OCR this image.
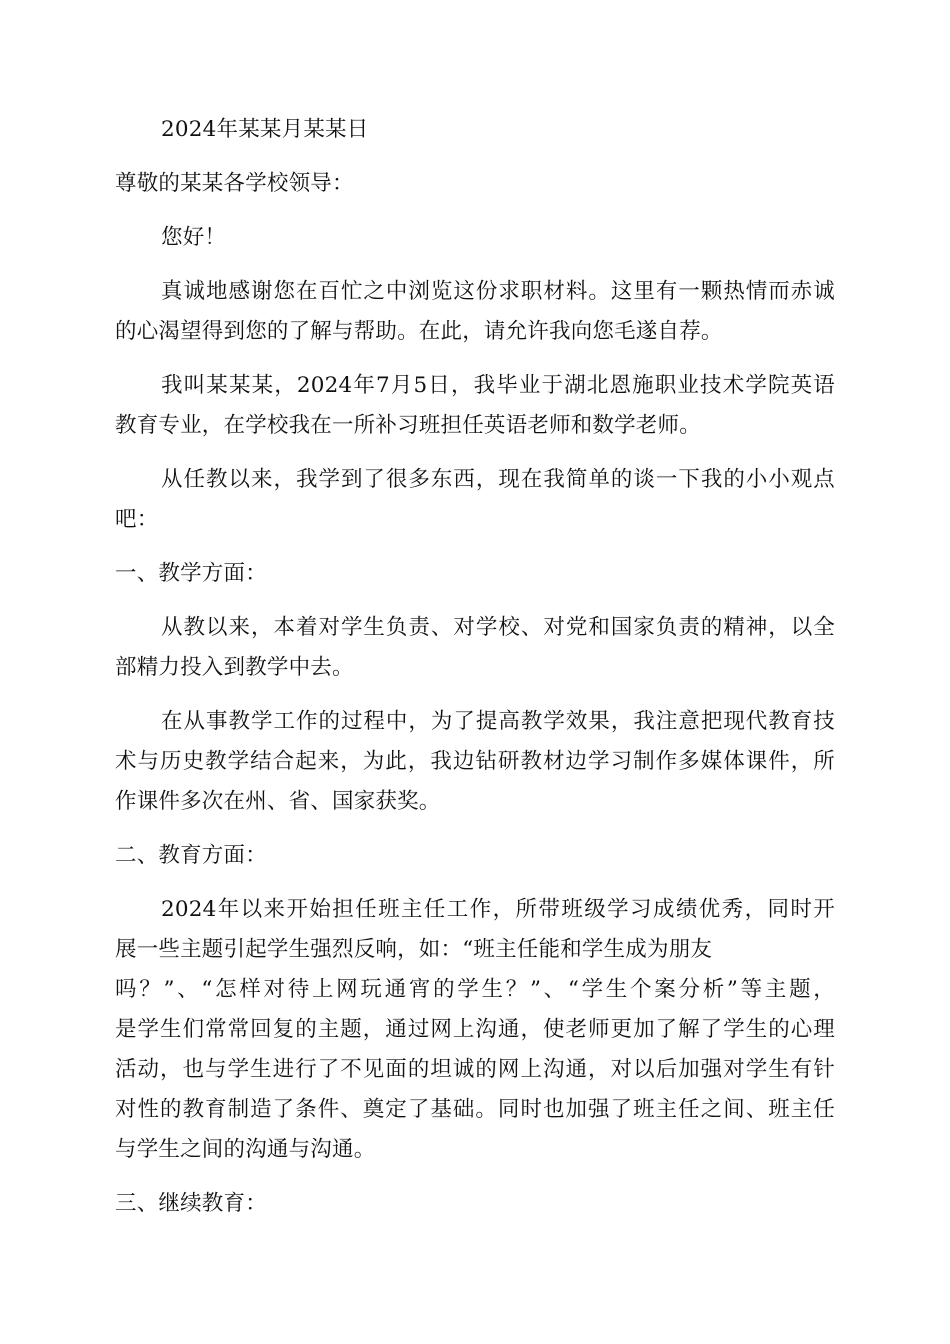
2024年某某月某某日
尊敬的某某各学校领导：
您好！
真诚地感谢您在百忙之中浏览这份求职材料。这里有一颗热情而赤诚
的心渴望得到您的了解与帮助。在此，请允许我向您毛遂自荐。
我叫某某某，2024年7月5日，我毕业于湖北恩施职业技术学院英语
教育专业，在学校我在一所补习班担任英语老师和数学老师。
从任教以来，我学到了很多东西，现在我简单的谈一下我的小小观点
吧：
一、教学方面：
从教以来，本着对学生负责、对学校、对党和国家负责的精神，以全
部精力投入到教学中去。
在从事教学工作的过程中，为了提高教学效果，我注意把现代教育技
术与历史教学结合起来，为此，我边钻研教材边学习制作多媒体课件，所
作课件多次在州、省、国家获奖。
二、教育方面：
2024年以来开始担任班主任工作，所带班级学习成绩优秀，同时开
展一些主题引起学生强烈反响，如：“班主任能和学生成为朋友
吗？”、“怎样对待上网玩通宵的学生？”、“学生个案分析”等主题，
是学生们常常回复的主题，通过网上沟通，使老师更加了解了学生的心理
活动，也与学生进行了不见面的坦诚的网上沟通，对以后加强对学生有针
对性的教育制造了条件、奠定了基础。同时也加强了班主任之间、班主任
与学生之间的沟通与沟通。
三、继续教育：
